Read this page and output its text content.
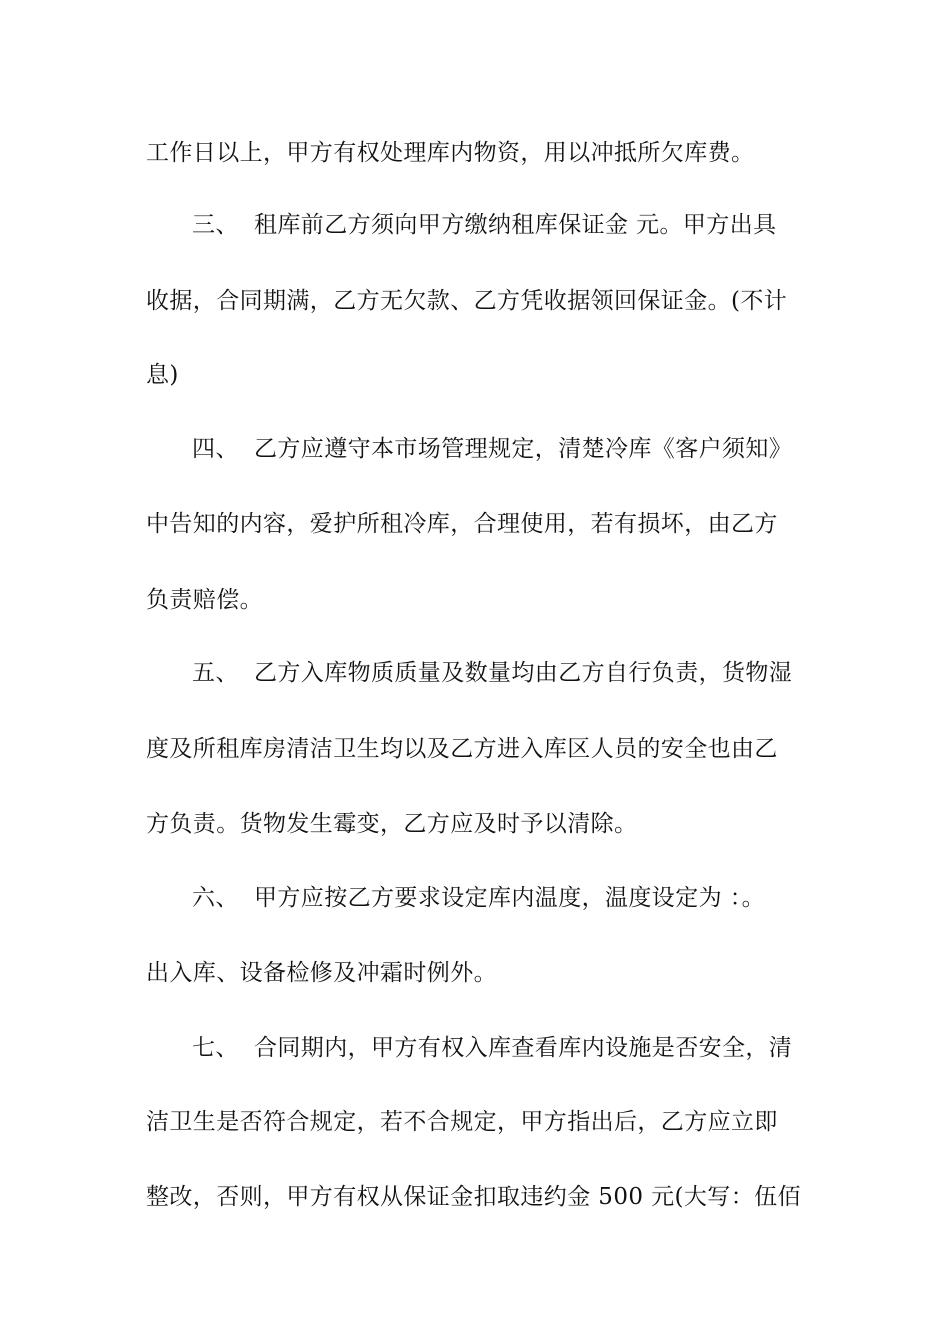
工作日以上，甲方有权处理库内物资，用以冲抵所欠库费。
三、 租库前乙方须向甲方缴纳租库保证金 元。甲方出具
收据，合同期满，乙方无欠款、乙方凭收据领回保证金。(不计
息)
四、 乙方应遵守本市场管理规定，清楚冷库《客户须知》
中告知的内容，爱护所租冷库，合理使用，若有损坏，由乙方
负责赔偿。
五、 乙方入库物质质量及数量均由乙方自行负责，货物湿
度及所租库房清洁卫生均以及乙方进入库区人员的安全也由乙
方负责。货物发生霉变，乙方应及时予以清除。
六、 甲方应按乙方要求设定库内温度，温度设定为 ：。
出入库、设备检修及冲霜时例外。
七、 合同期内，甲方有权入库查看库内设施是否安全，清
洁卫生是否符合规定，若不合规定，甲方指出后，乙方应立即
整改，否则，甲方有权从保证金扣取违约金 500 元(大写：伍佰
